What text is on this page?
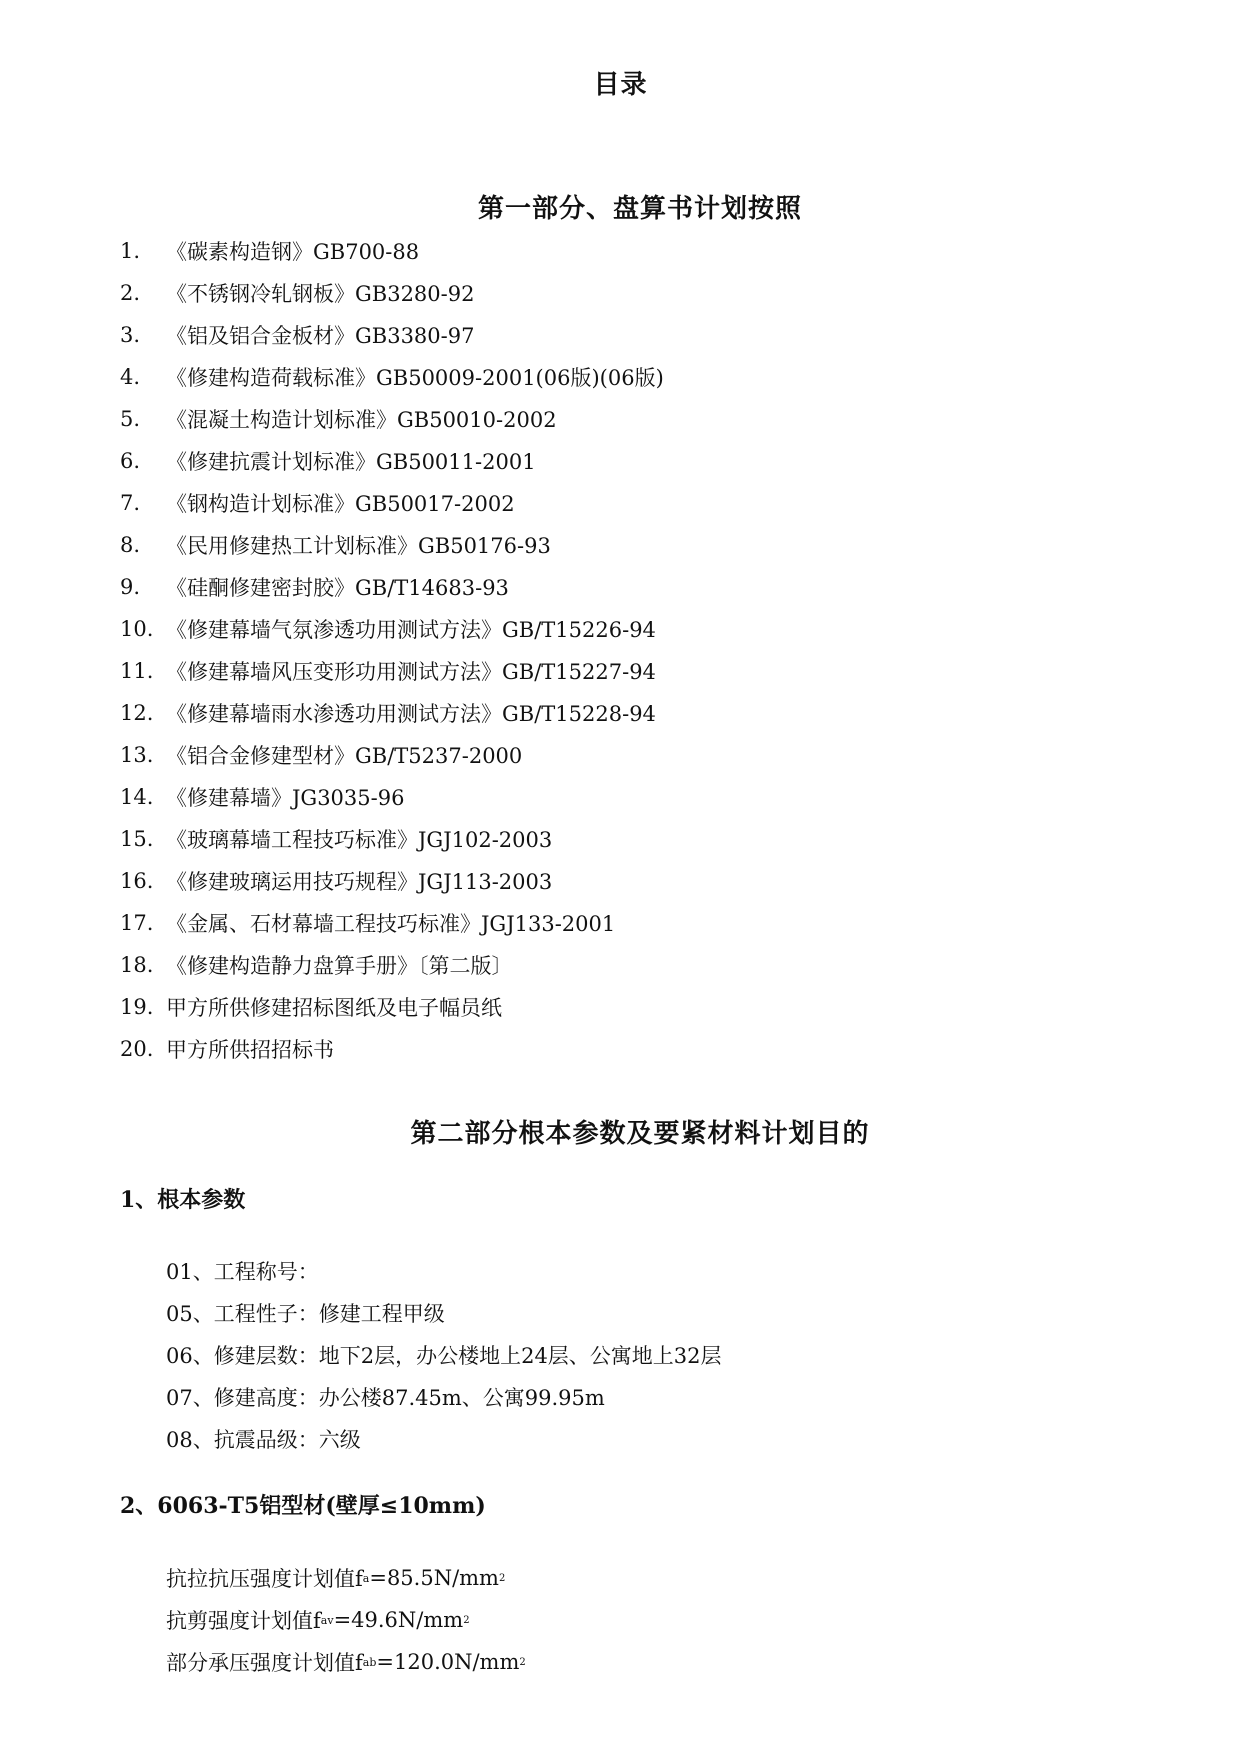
目录
第一部分、盘算书计划按照
1.	《碳素构造钢》GB700-88
2.	《不锈钢冷轧钢板》GB3280-92
3.	《铝及铝合金板材》GB3380-97
4.	《修建构造荷载标准》GB50009-2001(06版)(06版)
5.	《混凝土构造计划标准》GB50010-2002
6.	《修建抗震计划标准》GB50011-2001
7.	《钢构造计划标准》GB50017-2002
8.	《民用修建热工计划标准》GB50176-93
9.	《硅酮修建密封胶》GB/T14683-93
10. 《修建幕墙气氛渗透功用测试方法》GB/T15226-94
11. 《修建幕墙风压变形功用测试方法》GB/T15227-94
12. 《修建幕墙雨水渗透功用测试方法》GB/T15228-94
13. 《铝合金修建型材》GB/T5237-2000
14. 《修建幕墙》JG3035-96
15. 《玻璃幕墙工程技巧标准》JGJ102-2003
16. 《修建玻璃运用技巧规程》JGJ113-2003
17. 《金属、石材幕墙工程技巧标准》JGJ133-2001
18. 《修建构造静力盘算手册》〔第二版〕
19. 甲方所供修建招标图纸及电子幅员纸
20. 甲方所供招招标书
第二部分根本参数及要紧材料计划目的
1、根本参数
01、工程称号：
05、工程性子：修建工程甲级
06、修建层数：地下2层，办公楼地上24层、公寓地上32层
07、修建高度：办公楼87.45m、公寓99.95m
08、抗震品级：六级
2、6063-T5铝型材(壁厚≤10mm)
抗拉抗压强度计划值f a =85.5N/mm 2
抗剪强度计划值f av =49.6N/mm 2
部分承压强度计划值f ab =120.0N/mm 2
